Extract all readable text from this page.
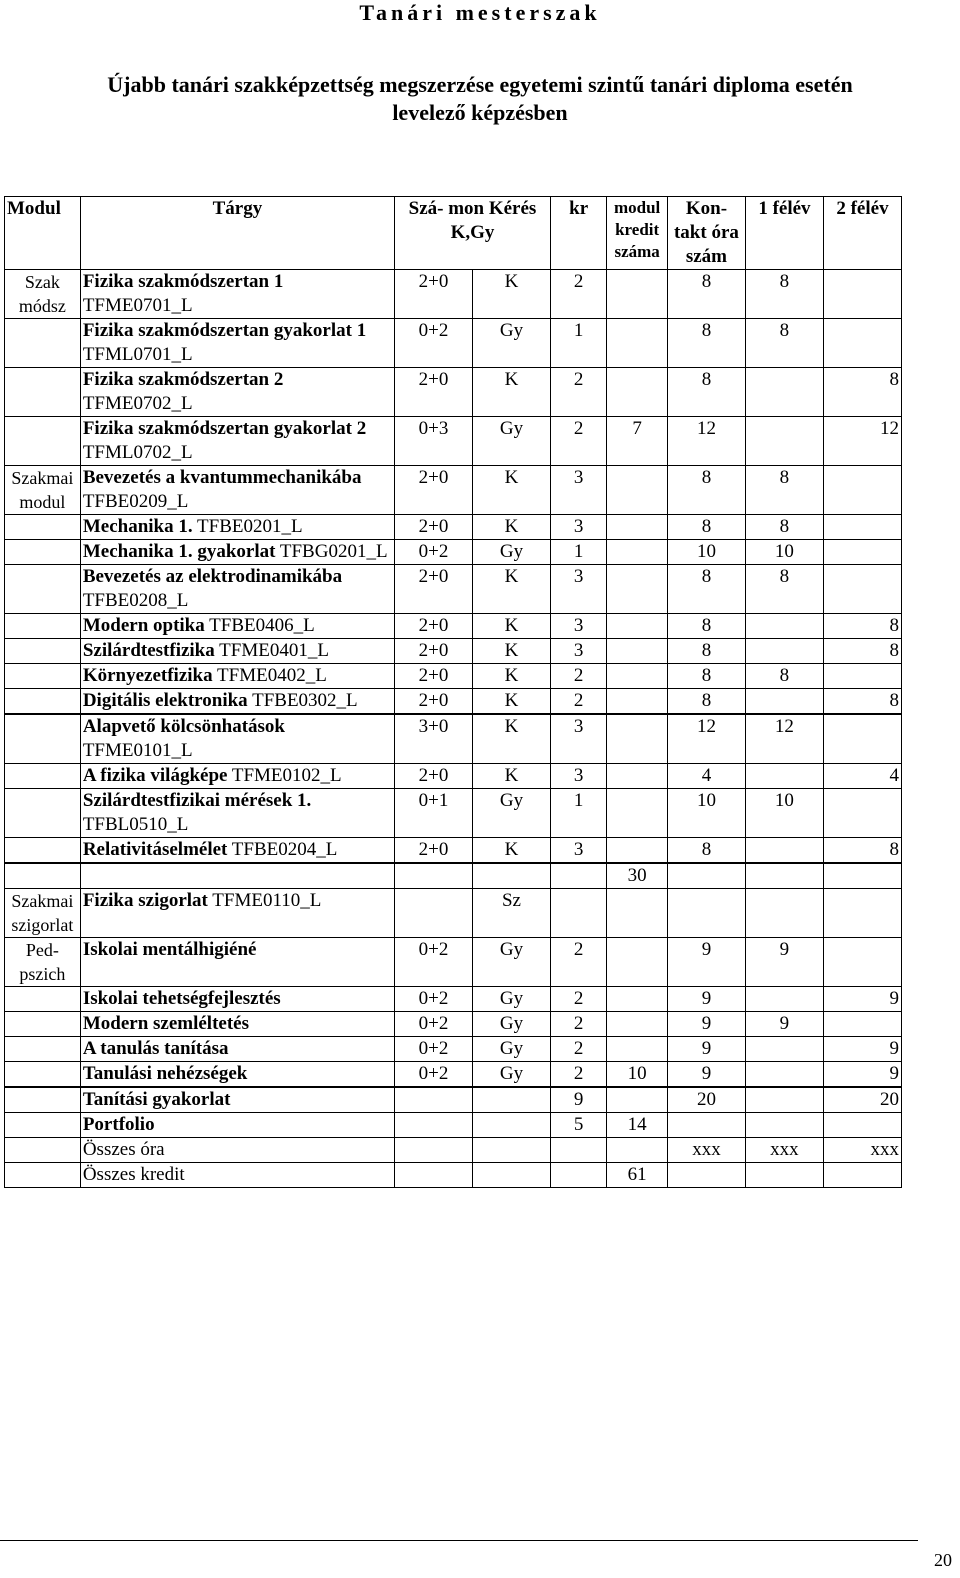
Tanári mesterszak
Újabb tanári szakképzettség megszerzése egyetemi szintű tanári diploma esetén
levelező képzésben
Modul	Tárgy	Szá- mon Kérés K,Gy		kr	modul kredit száma	Kon- takt óra szám	1 félév	2 félév
Szak módsz	Fizika szakmódszertan 1 TFME0701_L	2+0	K	2		8	8	
	Fizika szakmódszertan gyakorlat 1 TFML0701_L	0+2	Gy	1		8	8	
	Fizika szakmódszertan 2 TFME0702_L	2+0	K	2		8		8
	Fizika szakmódszertan gyakorlat 2 TFML0702_L	0+3	Gy	2	7	12		12
Szakmai modul	Bevezetés a kvantummechanikába TFBE0209_L	2+0	K	3		8	8	
	Mechanika 1. TFBE0201_L	2+0	K	3		8	8	
	Mechanika 1. gyakorlat TFBG0201_L	0+2	Gy	1		10	10	
	Bevezetés az elektrodinamikába TFBE0208_L	2+0	K	3		8	8	
	Modern optika TFBE0406_L	2+0	K	3		8		8
	Szilárdtestfizika TFME0401_L	2+0	K	3		8		8
	Környezetfizika TFME0402_L	2+0	K	2		8	8	
	Digitális elektronika TFBE0302_L	2+0	K	2		8		8

	Alapvető kölcsönhatások TFME0101_L	3+0	K	3		12	12	
	A fizika világképe TFME0102_L	2+0	K	3		4		4
	Szilárdtestfizikai mérések 1. TFBL0510_L	0+1	Gy	1		10	10	
	Relativitáselmélet TFBE0204_L	2+0	K	3		8		8

					30			
Szakmai szigorlat	Fizika szigorlat TFME0110_L		Sz					
Ped- pszich	Iskolai mentálhigiéné	0+2	Gy	2		9	9	
	Iskolai tehetségfejlesztés	0+2	Gy	2		9		9
	Modern szemléltetés	0+2	Gy	2		9	9	
	A tanulás tanítása	0+2	Gy	2		9		9
	Tanulási nehézségek	0+2	Gy	2	10	9		9

	Tanítási gyakorlat			9		20		20
	Portfolio			5	14			
	Összes óra					xxx	xxx	xxx
	Összes kredit				61			
20
